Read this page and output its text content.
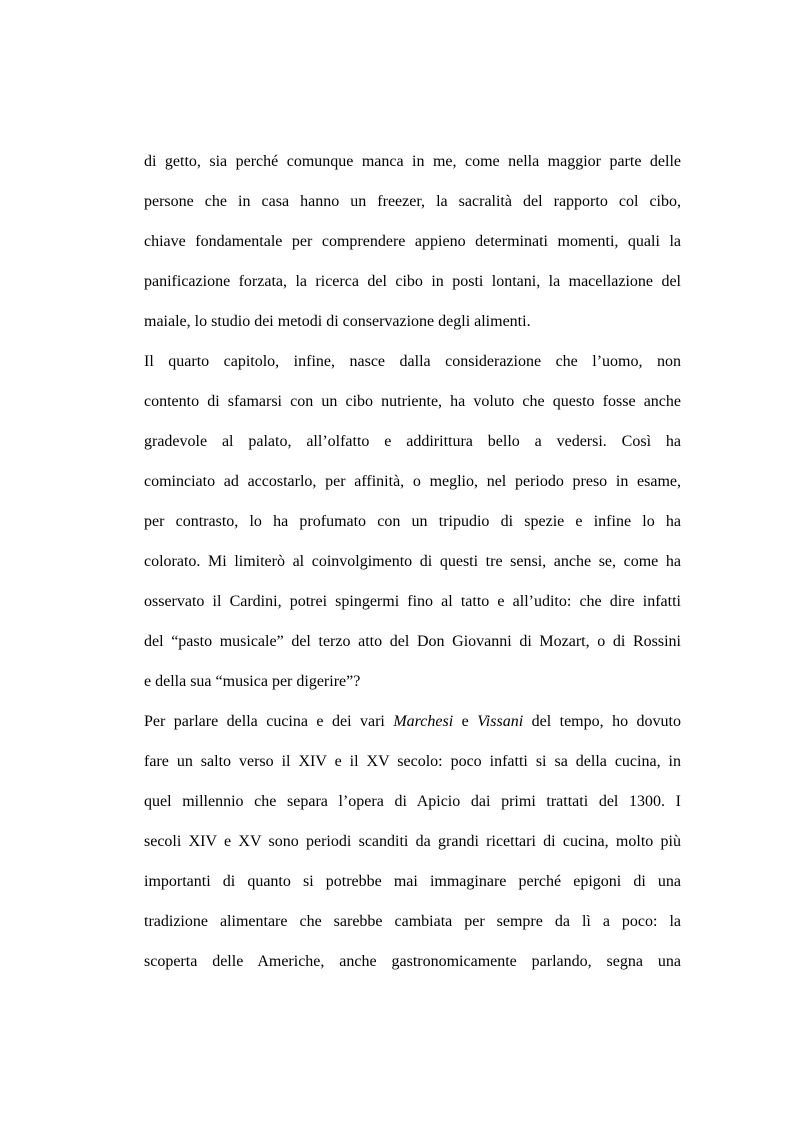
di getto, sia perché comunque manca in me, come nella maggior parte delle
persone che in casa hanno un freezer, la sacralità del rapporto col cibo,
chiave fondamentale per comprendere appieno determinati momenti, quali la
panificazione forzata, la ricerca del cibo in posti lontani, la macellazione del
maiale, lo studio dei metodi di conservazione degli alimenti.
Il quarto capitolo, infine, nasce dalla considerazione che l’uomo, non
contento di sfamarsi con un cibo nutriente, ha voluto che questo fosse anche
gradevole al palato, all’olfatto e addirittura bello a vedersi. Così ha
cominciato ad accostarlo, per affinità, o meglio, nel periodo preso in esame,
per contrasto, lo ha profumato con un tripudio di spezie e infine lo ha
colorato. Mi limiterò al coinvolgimento di questi tre sensi, anche se, come ha
osservato il Cardini, potrei spingermi fino al tatto e all’udito: che dire infatti
del “pasto musicale” del terzo atto del Don Giovanni di Mozart, o di Rossini
e della sua “musica per digerire”?
Per parlare della cucina e dei vari Marchesi e Vissani del tempo, ho dovuto
fare un salto verso il XIV e il XV secolo: poco infatti si sa della cucina, in
quel millennio che separa l’opera di Apicio dai primi trattati del 1300. I
secoli XIV e XV sono periodi scanditi da grandi ricettari di cucina, molto più
importanti di quanto si potrebbe mai immaginare perché epigoni di una
tradizione alimentare che sarebbe cambiata per sempre da lì a poco: la
scoperta delle Americhe, anche gastronomicamente parlando, segna una
